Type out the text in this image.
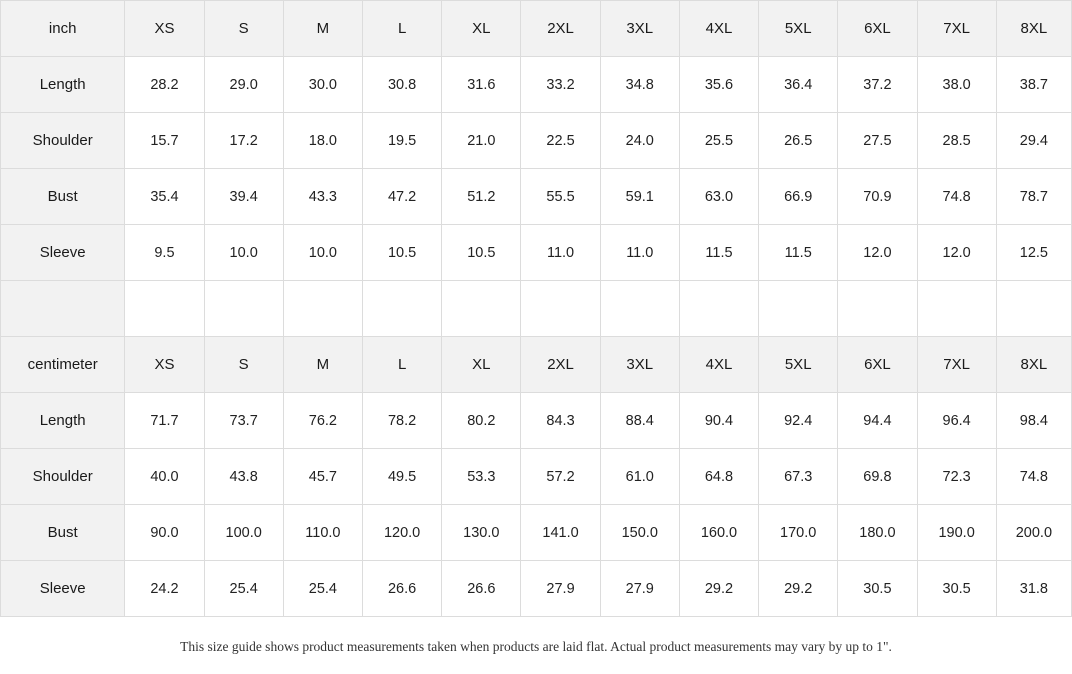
inch	XS	S	M	L	XL	2XL	3XL	4XL	5XL	6XL	7XL	8XL
Length	28.2	29.0	30.0	30.8	31.6	33.2	34.8	35.6	36.4	37.2	38.0	38.7
Shoulder	15.7	17.2	18.0	19.5	21.0	22.5	24.0	25.5	26.5	27.5	28.5	29.4
Bust	35.4	39.4	43.3	47.2	51.2	55.5	59.1	63.0	66.9	70.9	74.8	78.7
Sleeve	9.5	10.0	10.0	10.5	10.5	11.0	11.0	11.5	11.5	12.0	12.0	12.5

centimeter	XS	S	M	L	XL	2XL	3XL	4XL	5XL	6XL	7XL	8XL
Length	71.7	73.7	76.2	78.2	80.2	84.3	88.4	90.4	92.4	94.4	96.4	98.4
Shoulder	40.0	43.8	45.7	49.5	53.3	57.2	61.0	64.8	67.3	69.8	72.3	74.8
Bust	90.0	100.0	110.0	120.0	130.0	141.0	150.0	160.0	170.0	180.0	190.0	200.0
Sleeve	24.2	25.4	25.4	26.6	26.6	27.9	27.9	29.2	29.2	30.5	30.5	31.8
This size guide shows product measurements taken when products are laid flat. Actual product measurements may vary by up to 1".
